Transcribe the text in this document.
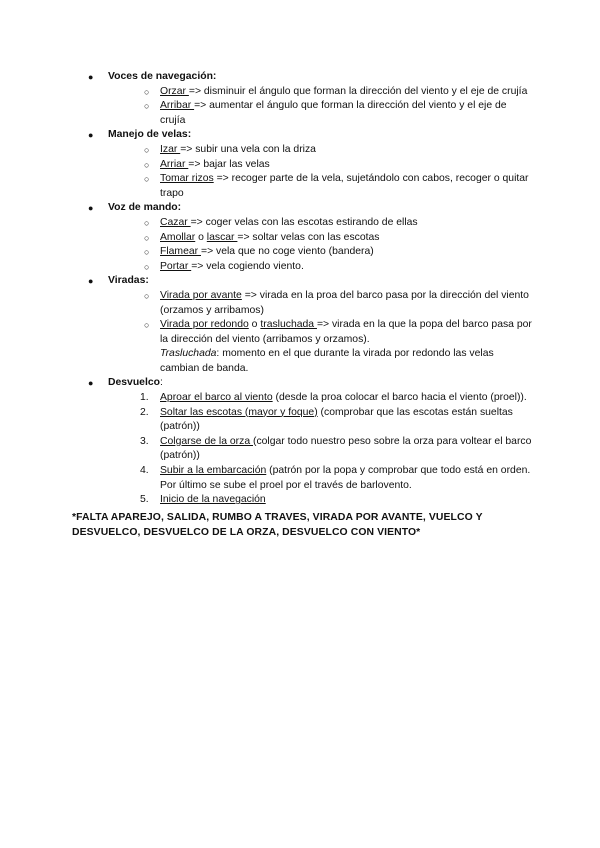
● Voces de navegación:
○ Orzar => disminuir el ángulo que forman la dirección del viento y el eje de crujía
○ Arribar => aumentar el ángulo que forman la dirección del viento y el eje de crujía
● Manejo de velas:
○ Izar => subir una vela con la driza
○ Arriar => bajar las velas
○ Tomar rizos => recoger parte de la vela, sujetándolo con cabos, recoger o quitar trapo
● Voz de mando:
○ Cazar => coger velas con las escotas estirando de ellas
○ Amollar o lascar => soltar velas con las escotas
○ Flamear => vela que no coge viento (bandera)
○ Portar => vela cogiendo viento.
● Viradas:
○ Virada por avante => virada en la proa del barco pasa por la dirección del viento (orzamos y arribamos)
○ Virada por redondo o trasluchada => virada en la que la popa del barco pasa por la dirección del viento (arribamos y orzamos).
Trasluchada: momento en el que durante la virada por redondo las velas cambian de banda.
● Desvuelco:
1. Aproar el barco al viento (desde la proa colocar el barco hacia el viento (proel)).
2. Soltar las escotas (mayor y foque) (comprobar que las escotas están sueltas (patrón))
3. Colgarse de la orza (colgar todo nuestro peso sobre la orza para voltear el barco (patrón))
4. Subir a la embarcación (patrón por la popa y comprobar que todo está en orden. Por último se sube el proel por el través de barlovento.
5. Inicio de la navegación
*FALTA APAREJO, SALIDA, RUMBO A TRAVES, VIRADA POR AVANTE, VUELCO Y DESVUELCO, DESVUELCO DE LA ORZA, DESVUELCO CON VIENTO*
